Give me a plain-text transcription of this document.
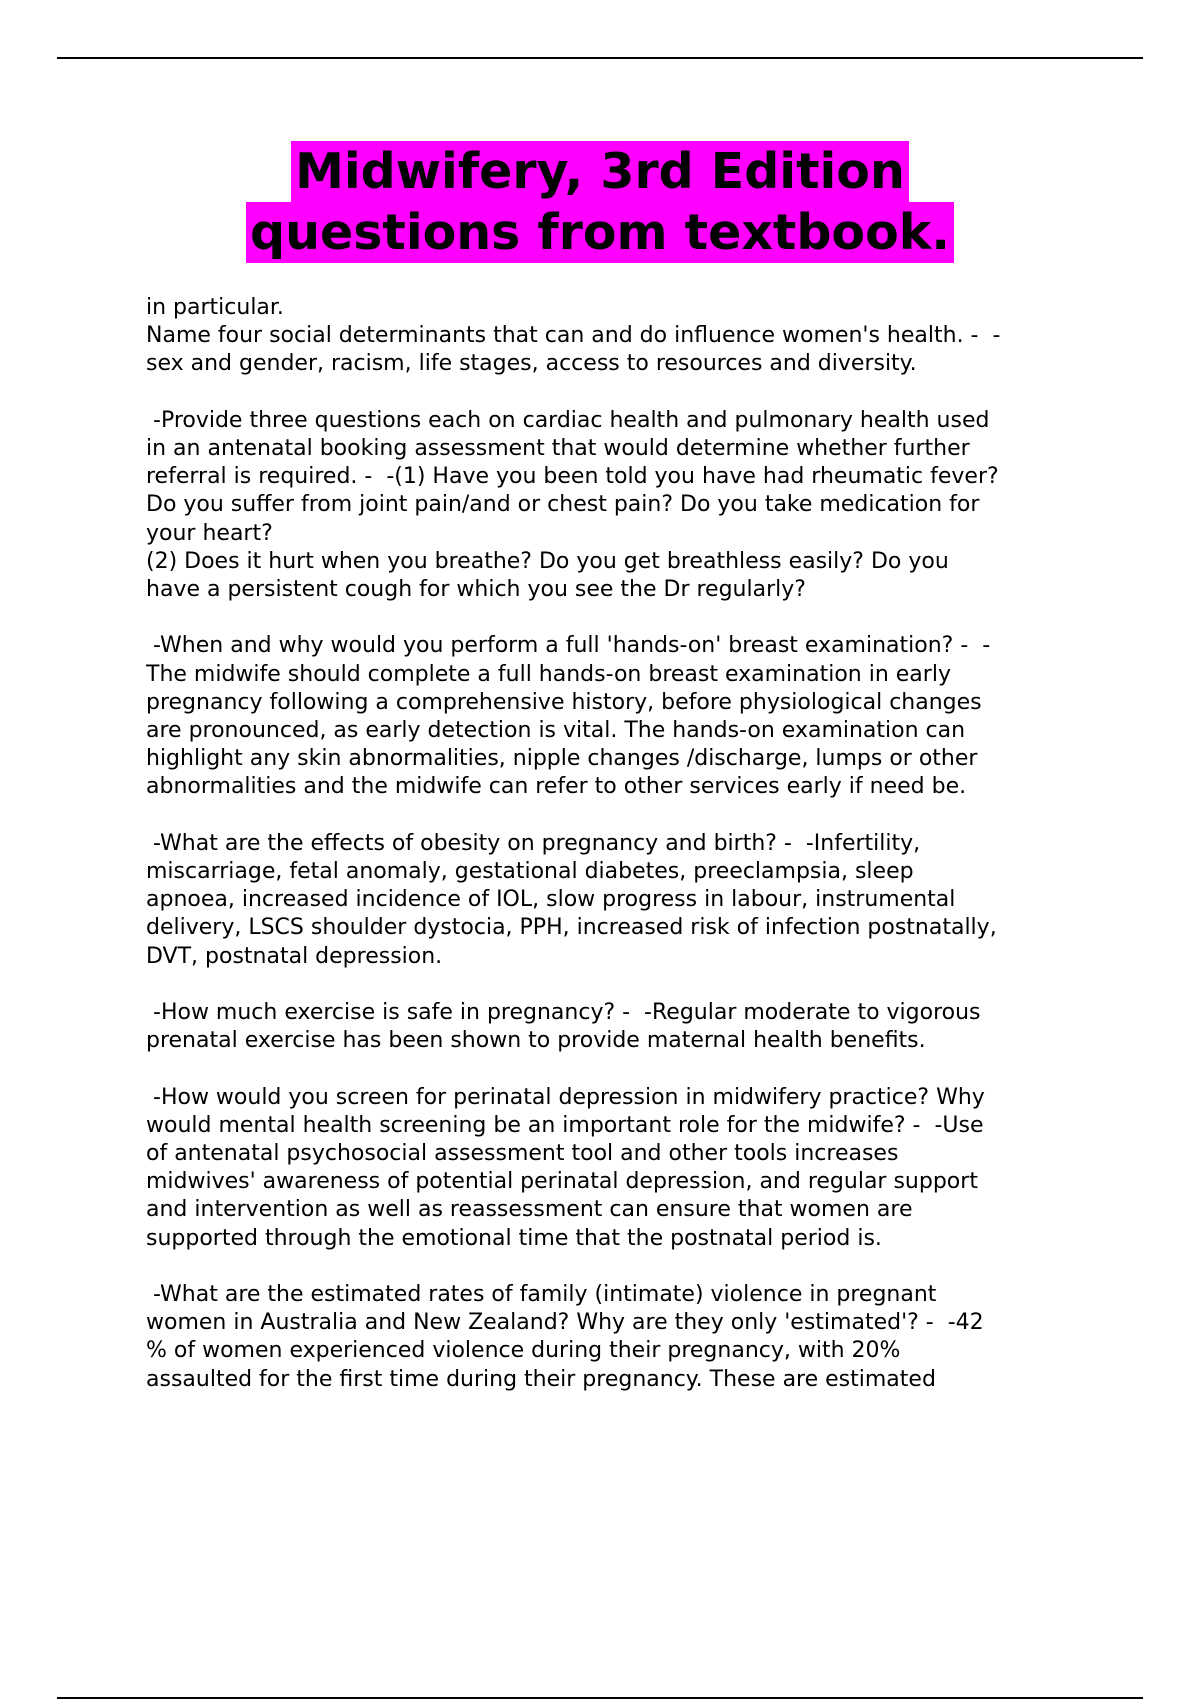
Midwifery, 3rd Edition
questions from textbook.
in particular.
Name four social determinants that can and do influence women's health. -  -
sex and gender, racism, life stages, access to resources and diversity.
-Provide three questions each on cardiac health and pulmonary health used
in an antenatal booking assessment that would determine whether further
referral is required. -  -(1) Have you been told you have had rheumatic fever?
Do you suffer from joint pain/and or chest pain? Do you take medication for
your heart?
(2) Does it hurt when you breathe? Do you get breathless easily? Do you
have a persistent cough for which you see the Dr regularly?
-When and why would you perform a full 'hands-on' breast examination? -  -
The midwife should complete a full hands-on breast examination in early
pregnancy following a comprehensive history, before physiological changes
are pronounced, as early detection is vital. The hands-on examination can
highlight any skin abnormalities, nipple changes /discharge, lumps or other
abnormalities and the midwife can refer to other services early if need be.
-What are the effects of obesity on pregnancy and birth? -  -Infertility,
miscarriage, fetal anomaly, gestational diabetes, preeclampsia, sleep
apnoea, increased incidence of IOL, slow progress in labour, instrumental
delivery, LSCS shoulder dystocia, PPH, increased risk of infection postnatally,
DVT, postnatal depression.
-How much exercise is safe in pregnancy? -  -Regular moderate to vigorous
prenatal exercise has been shown to provide maternal health benefits.
-How would you screen for perinatal depression in midwifery practice? Why
would mental health screening be an important role for the midwife? -  -Use
of antenatal psychosocial assessment tool and other tools increases
midwives' awareness of potential perinatal depression, and regular support
and intervention as well as reassessment can ensure that women are
supported through the emotional time that the postnatal period is.
-What are the estimated rates of family (intimate) violence in pregnant
women in Australia and New Zealand? Why are they only 'estimated'? -  -42
% of women experienced violence during their pregnancy, with 20%
assaulted for the first time during their pregnancy. These are estimated
